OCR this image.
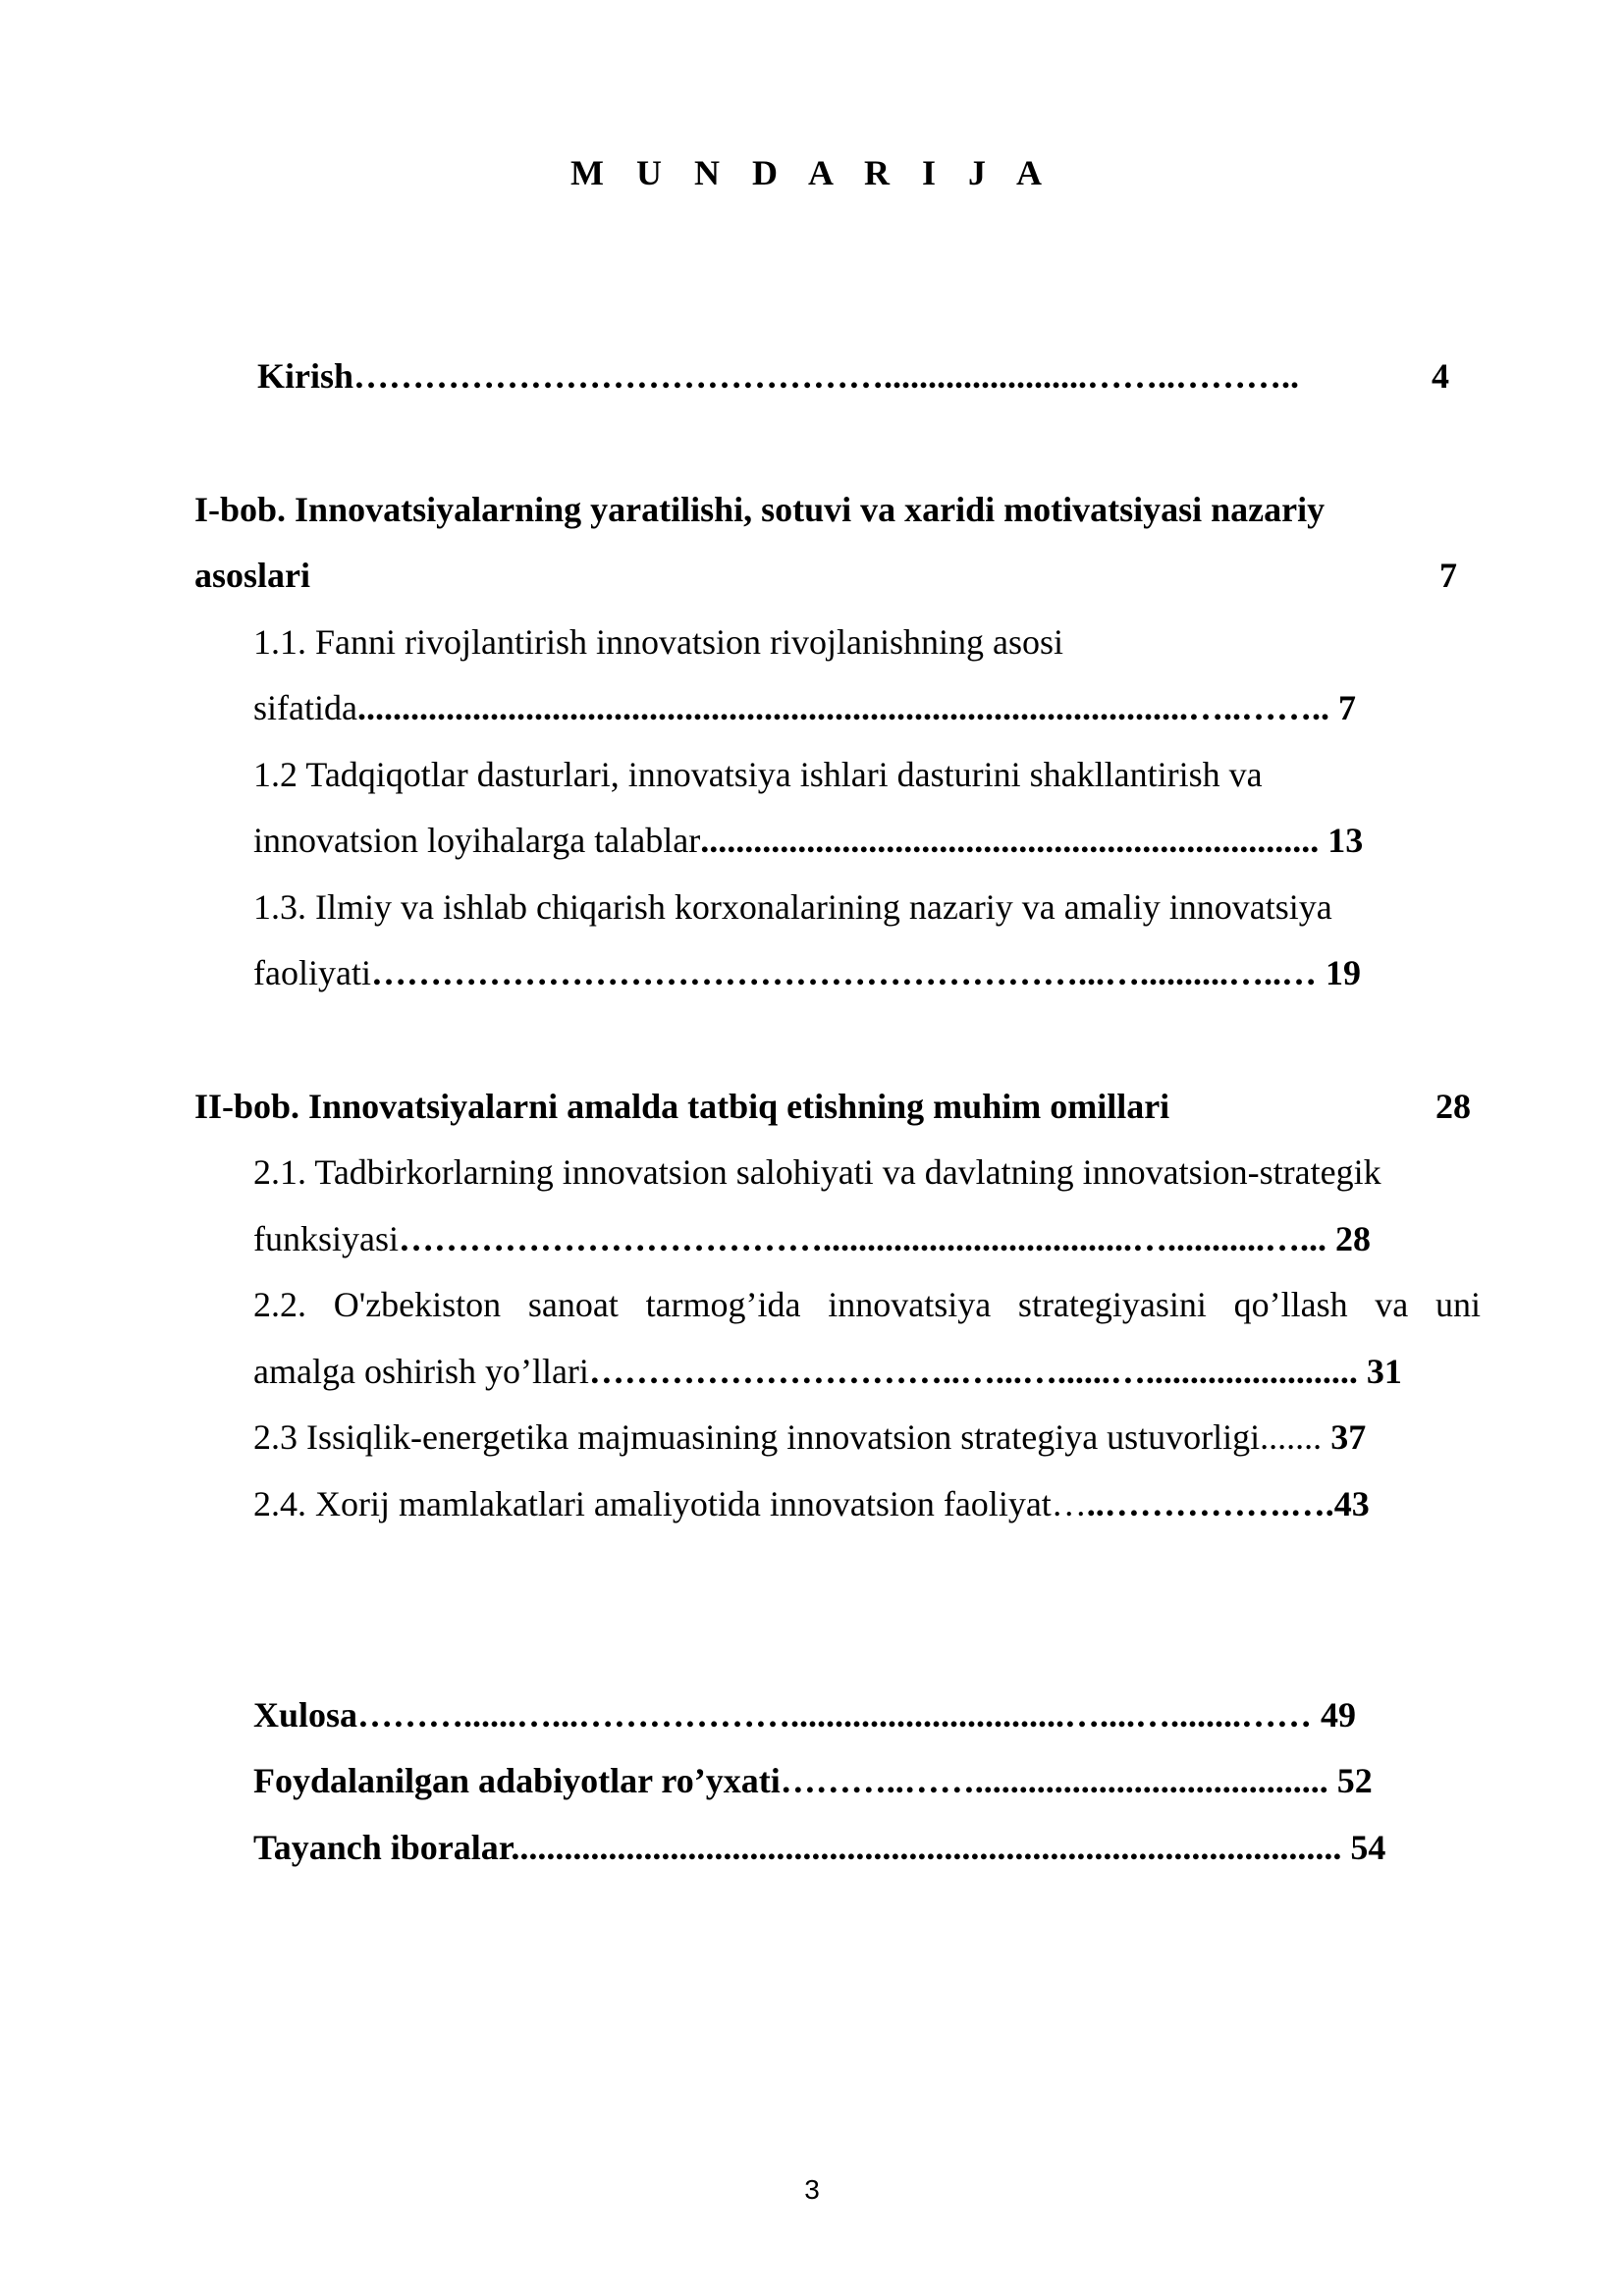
M U N D A R I J A
Kirish……………………………………….......................……..………..	4
I-bob. Innovatsiyalarning yaratilishi, sotuvi va xaridi motivatsiyasi nazariy
asoslari	7
1.1. Fanni rivojlantirish innovatsion rivojlanishning asosi
sifatida..............................................................................................…..…….. 7
1.2 Tadqiqotlar dasturlari, innovatsiya ishlari dasturini shakllantirish va
innovatsion loyihalarga talablar...................................................................... 13
1.3. Ilmiy va ishlab chiqarish korxonalarining nazariy va amaliy innovatsiya
faoliyati……………………………………………………...…..........…..… 19
II-bob. Innovatsiyalarni amalda tatbiq etishning muhim omillari	28
2.1. Tadbirkorlarning innovatsion salohiyati va davlatning innovatsion-strategik
funksiyasi………………………………...................................…...........…... 28
2.2. O'zbekiston sanoat tarmog’ida innovatsiya strategiyasini qo’llash va uni
amalga oshirish yo’llari…………………………..…...…......…........................ 31
2.3 Issiqlik-energetika majmuasining innovatsion strategiya ustuvorligi....... 37
2.4. Xorij mamlakatlari amaliyotida innovatsion faoliyat…..…………….….43
Xulosa………......…...………………...............................…....…........…… 49
Foydalanilgan adabiyotlar ro’yxati………..……........................................ 52
Tayanch iboralar.............................................................................................. 54
3
